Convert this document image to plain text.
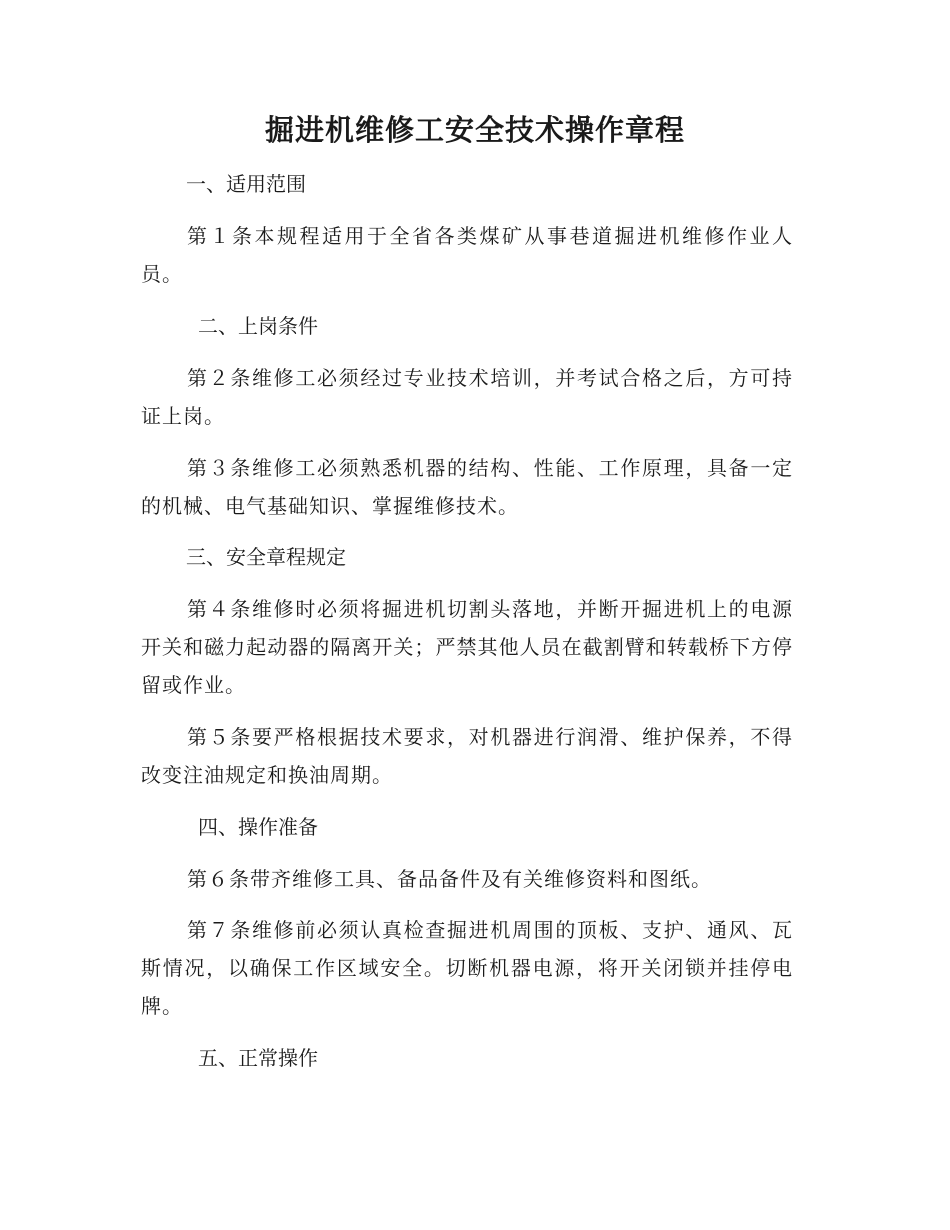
掘进机维修工安全技术操作章程

一、适用范围

第１条本规程适用于全省各类煤矿从事巷道掘进机维修作业人员。

二、上岗条件

第２条维修工必须经过专业技术培训，并考试合格之后，方可持证上岗。

第３条维修工必须熟悉机器的结构、性能、工作原理，具备一定的机械、电气基础知识、掌握维修技术。

三、安全章程规定

第４条维修时必须将掘进机切割头落地，并断开掘进机上的电源开关和磁力起动器的隔离开关；严禁其他人员在截割臂和转载桥下方停留或作业。

第５条要严格根据技术要求，对机器进行润滑、维护保养，不得改变注油规定和换油周期。

四、操作准备

第６条带齐维修工具、备品备件及有关维修资料和图纸。

第７条维修前必须认真检查掘进机周围的顶板、支护、通风、瓦斯情况，以确保工作区域安全。切断机器电源，将开关闭锁并挂停电牌。

五、正常操作
